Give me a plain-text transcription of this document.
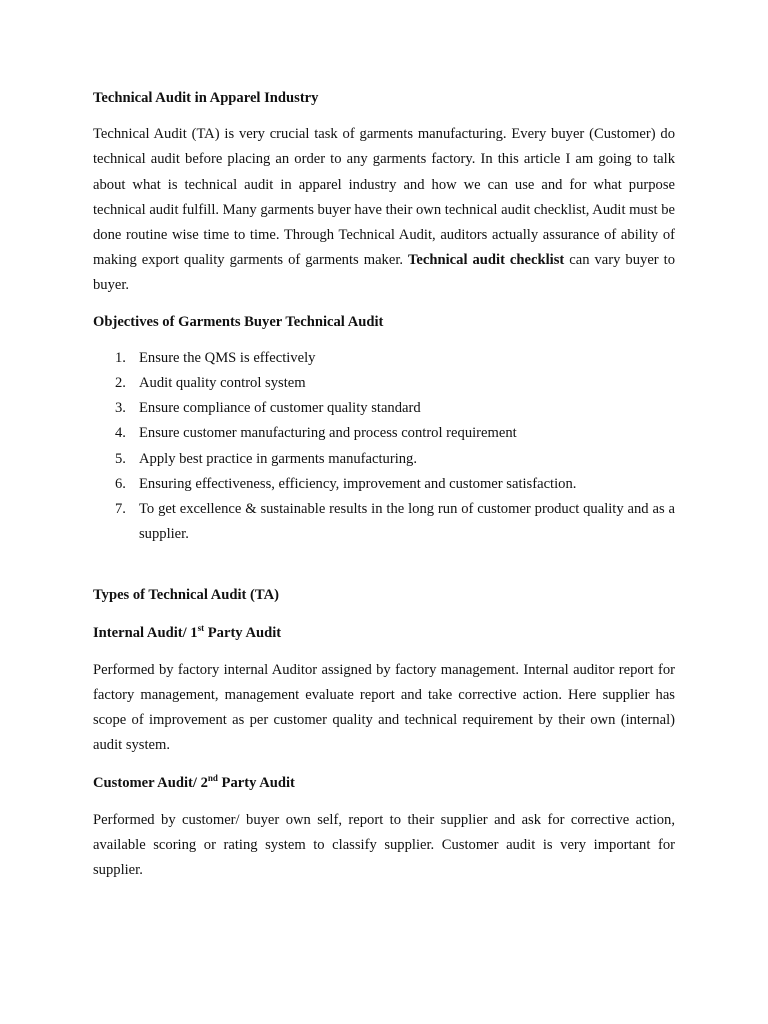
Technical Audit in Apparel Industry

Technical Audit (TA) is very crucial task of garments manufacturing. Every buyer (Customer) do technical audit before placing an order to any garments factory. In this article I am going to talk about what is technical audit in apparel industry and how we can use and for what purpose technical audit fulfill. Many garments buyer have their own technical audit checklist, Audit must be done routine wise time to time. Through Technical Audit, auditors actually assurance of ability of making export quality garments of garments maker. Technical audit checklist can vary buyer to buyer.

Objectives of Garments Buyer Technical Audit

1. Ensure the QMS is effectively
2. Audit quality control system
3. Ensure compliance of customer quality standard
4. Ensure customer manufacturing and process control requirement
5. Apply best practice in garments manufacturing.
6. Ensuring effectiveness, efficiency, improvement and customer satisfaction.
7. To get excellence & sustainable results in the long run of customer product quality and as a supplier.

Types of Technical Audit (TA)

Internal Audit/ 1st Party Audit

Performed by factory internal Auditor assigned by factory management. Internal auditor report for factory management, management evaluate report and take corrective action. Here supplier has scope of improvement as per customer quality and technical requirement by their own (internal) audit system.

Customer Audit/ 2nd Party Audit

Performed by customer/ buyer own self, report to their supplier and ask for corrective action, available scoring or rating system to classify supplier. Customer audit is very important for supplier.
